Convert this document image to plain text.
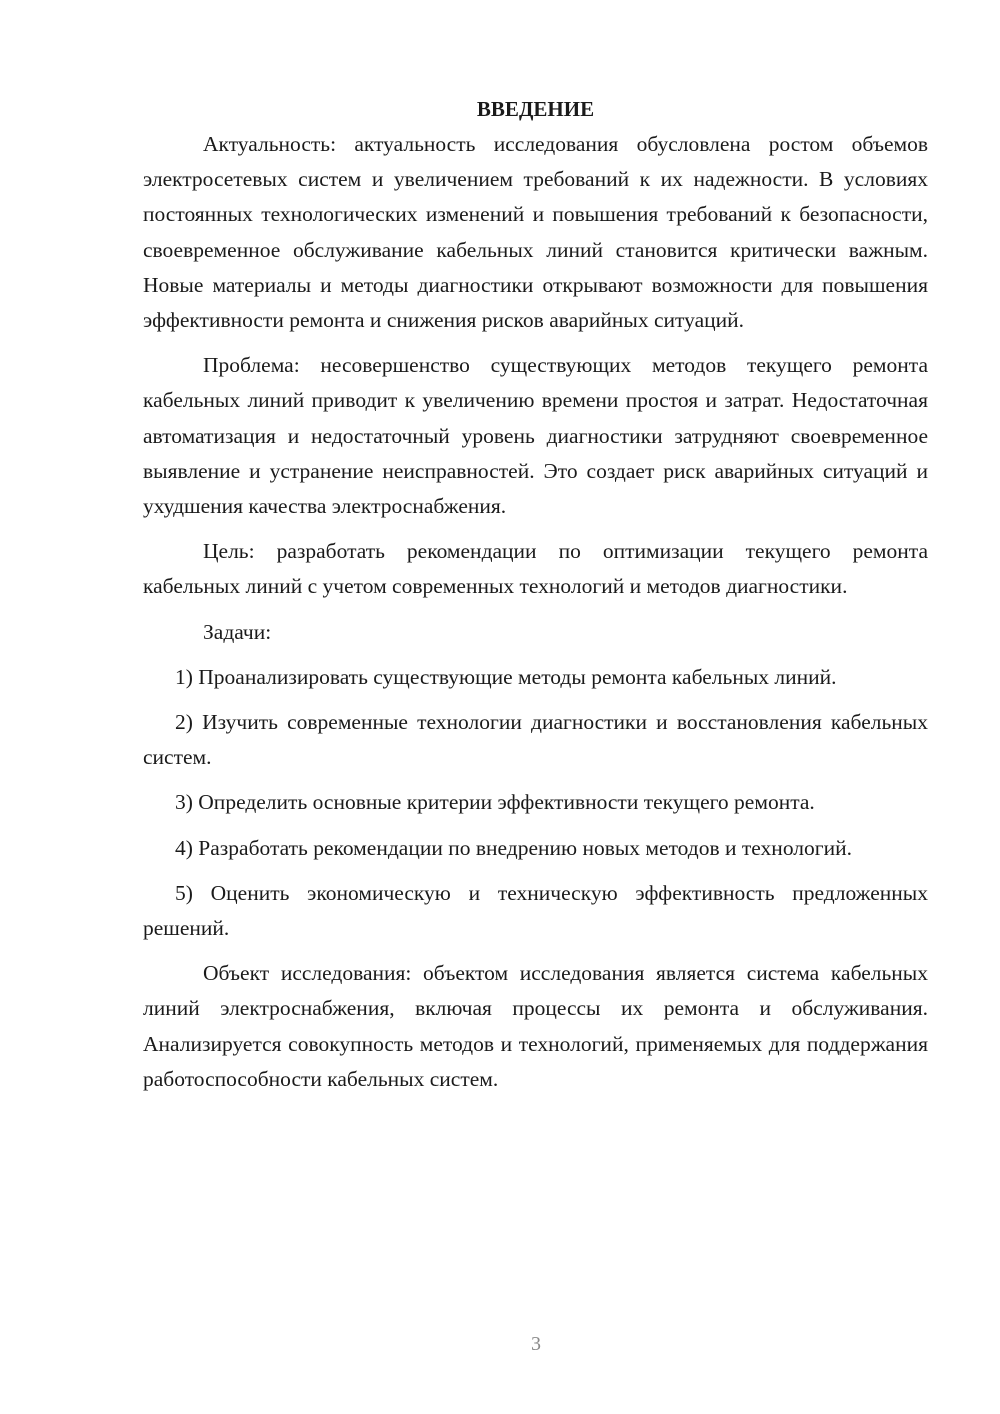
ВВЕДЕНИЕ

Актуальность: актуальность исследования обусловлена ростом объемов электросетевых систем и увеличением требований к их надежности. В условиях постоянных технологических изменений и повышения требований к безопасности, своевременное обслуживание кабельных линий становится критически важным. Новые материалы и методы диагностики открывают возможности для повышения эффективности ремонта и снижения рисков аварийных ситуаций.

Проблема: несовершенство существующих методов текущего ремонта кабельных линий приводит к увеличению времени простоя и затрат. Недостаточная автоматизация и недостаточный уровень диагностики затрудняют своевременное выявление и устранение неисправностей. Это создает риск аварийных ситуаций и ухудшения качества электроснабжения.

Цель: разработать рекомендации по оптимизации текущего ремонта кабельных линий с учетом современных технологий и методов диагностики.

Задачи:

1) Проанализировать существующие методы ремонта кабельных линий.

2) Изучить современные технологии диагностики и восстановления кабельных систем.

3) Определить основные критерии эффективности текущего ремонта.

4) Разработать рекомендации по внедрению новых методов и технологий.

5) Оценить экономическую и техническую эффективность предложенных решений.

Объект исследования: объектом исследования является система кабельных линий электроснабжения, включая процессы их ремонта и обслуживания. Анализируется совокупность методов и технологий, применяемых для поддержания работоспособности кабельных систем.

3
